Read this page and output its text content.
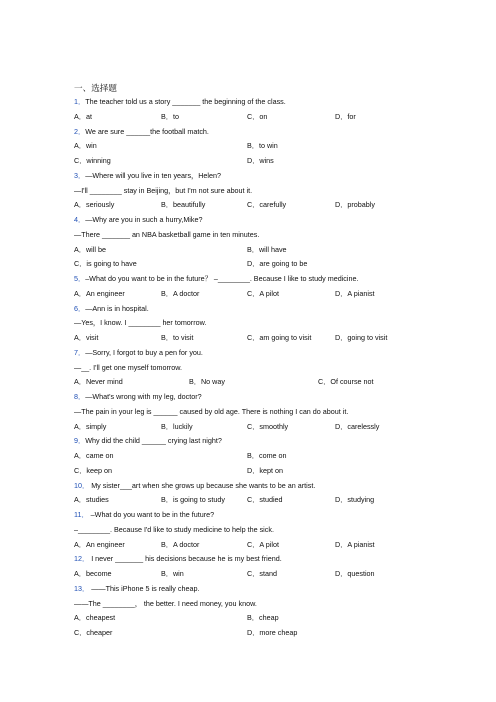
一、选择题
1．The teacher told us a story _______ the beginning of the class.
A．at	B．to	C．on	D．for
2．We are sure ______the football match.
A．win	B．to win
C．winning	D．wins
3．—Where will you live in ten years，Helen?
—I'll ________ stay in Beijing，but I'm not sure about it.
A．seriously	B．beautifully	C．carefully	D．probably
4．—Why are you in such a hurry,Mike?
—There _______ an NBA basketball game in ten minutes.
A．will be	B．will have
C．is going to have	D．are going to be
5．–What do you want to be in the future？ –________. Because I like to study medicine.
A．An engineer	B．A doctor	C．A pilot	D．A pianist
6．—Ann is in hospital.
—Yes，I know. I ________ her tomorrow.
A．visit	B．to visit	C．am going to visit	D．going to visit
7．—Sorry, I forgot to buy a pen for you.
—__. I'll get one myself tomorrow.
A．Never mind	B．No way	C．Of course not
8．—What's wrong with my leg, doctor?
—The pain in your leg is ______ caused by old age. There is nothing I can do about it.
A．simply	B．luckily	C．smoothly	D．carelessly
9．Why did the child ______ crying last night?
A．came on	B．come on
C．keep on	D．kept on
10． My sister___art when she grows up because she wants to be an artist.
A．studies	B．is going to study	C．studied	D．studying
11． –What do you want to be in the future?
–________. Because I'd like to study medicine to help the sick.
A．An engineer	B．A doctor	C．A pilot	D．A pianist
12． I never _______ his decisions because he is my best friend.
A．become	B．win	C．stand	D．question
13． ——This iPhone 5 is really cheap.
——The ________， the better. I need money, you know.
A．cheapest	B．cheap
C．cheaper	D．more cheap
